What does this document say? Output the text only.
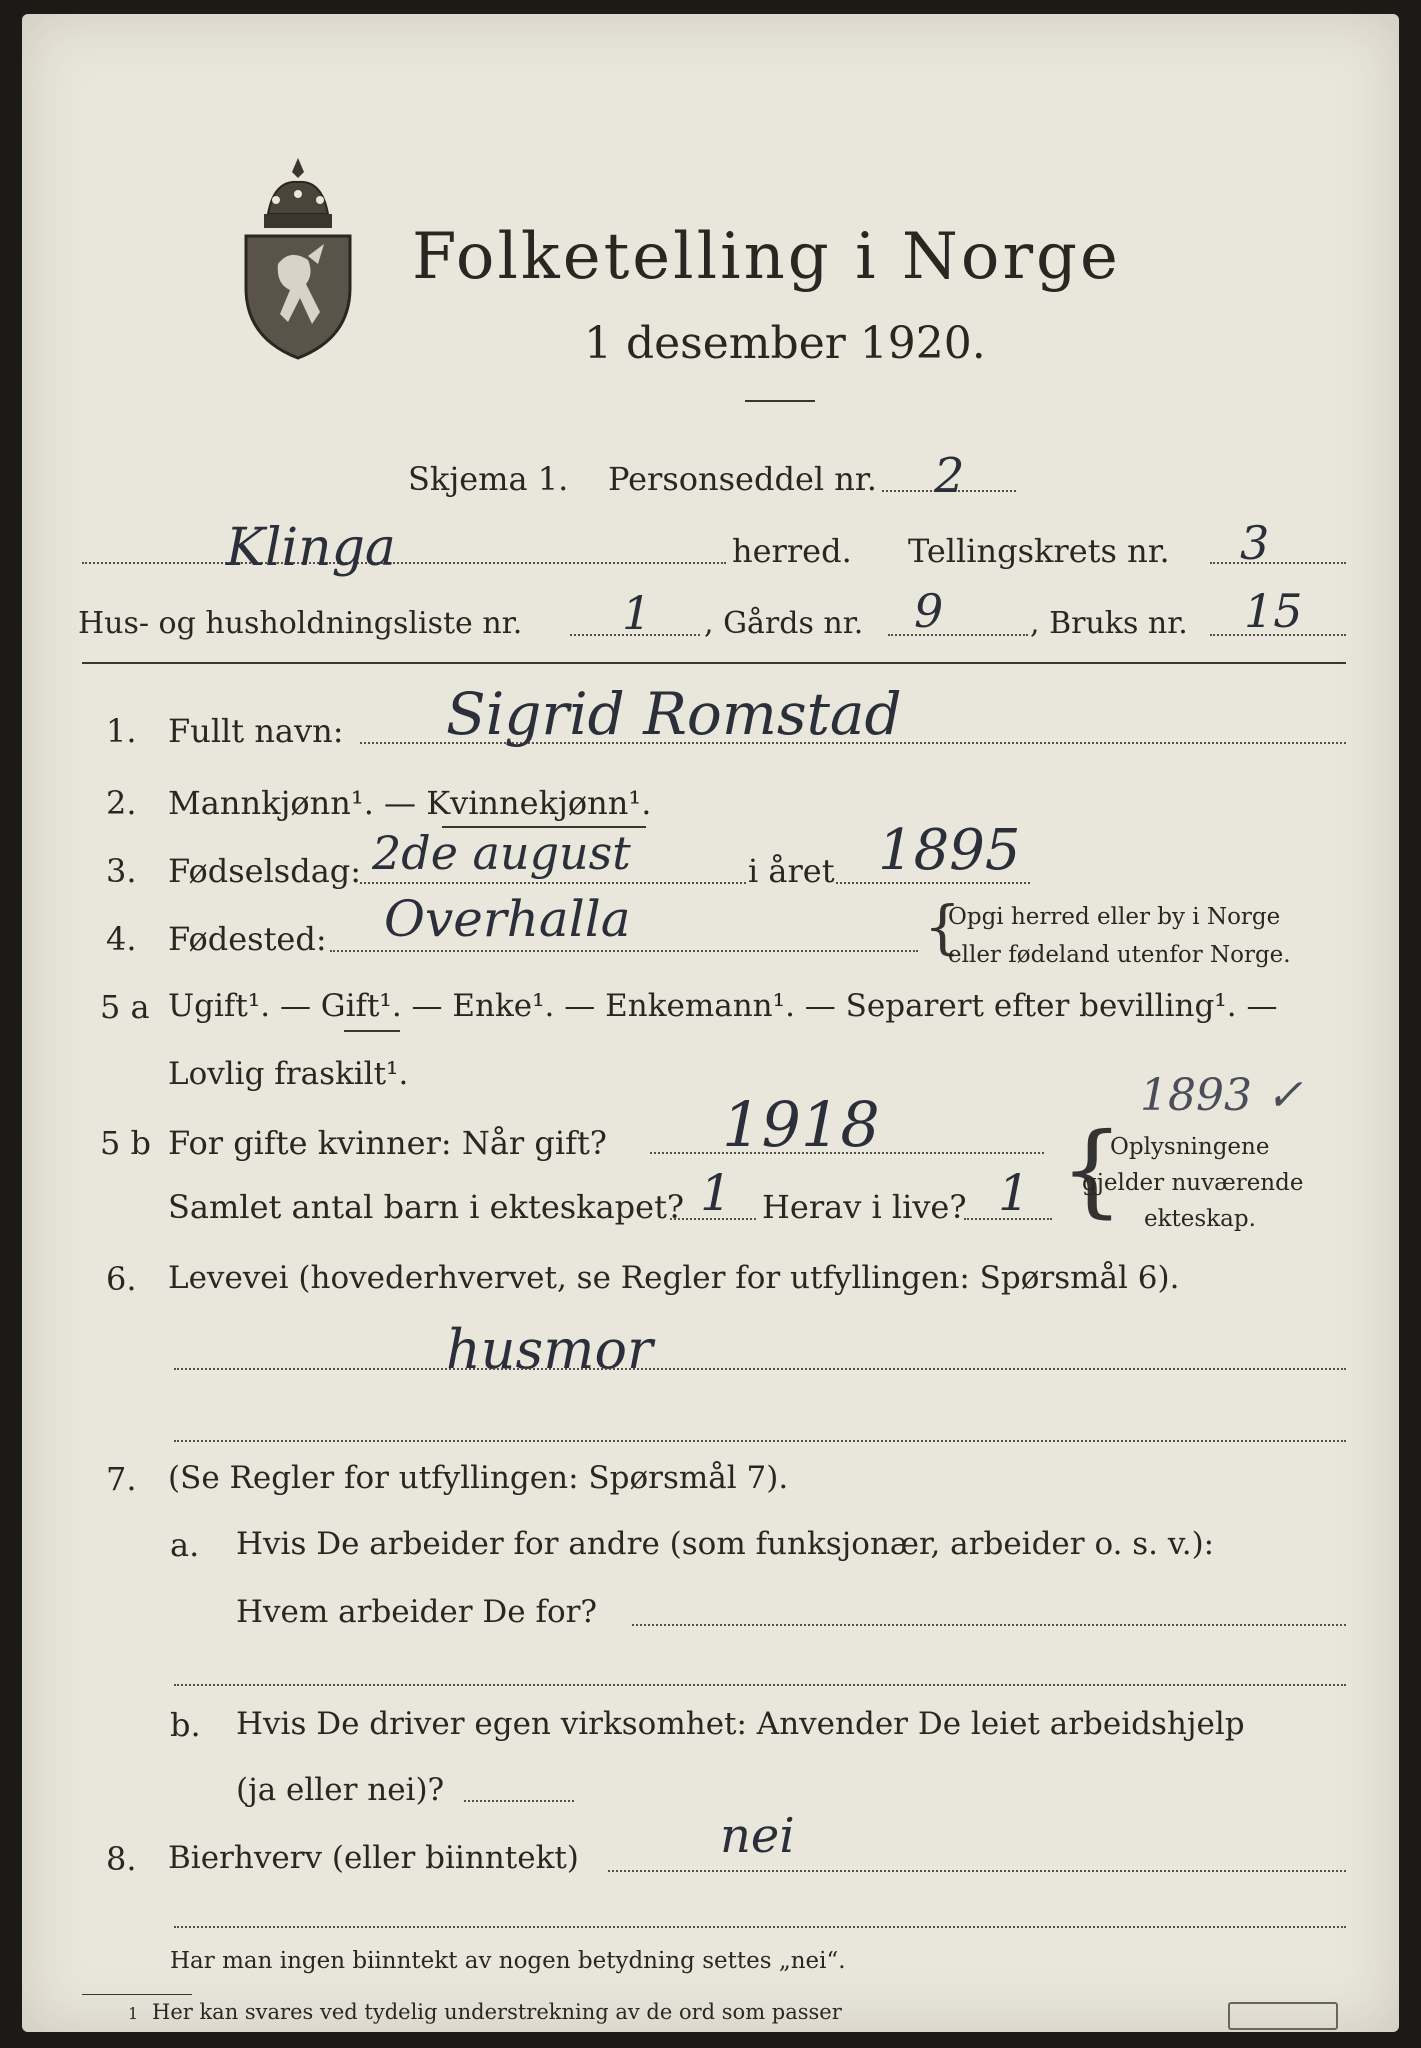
Folketelling i Norge
1 desember 1920.
Skjema 1. Personseddel nr. 2
Klinga	herred. Tellingskrets nr. 3
Hus- og husholdningsliste nr. 1 , Gårds nr. 9	, Bruks nr. 15
1. Fullt navn: Sigrid Romstad
2. Mannkjønn¹. — Kvinnekjønn¹.
3. Fødselsdag: 2de august	i året 1895
4. Fødested: Overhalla	{
Opgi herred eller by i Norge
eller fødeland utenfor Norge.
5 a Ugift¹. — Gift¹. — Enke¹. — Enkemann¹. — Separert efter bevilling¹. —
Lovlig fraskilt¹.	1893 ✓
5 b For gifte kvinner: Når gift? 1918
Samlet antal barn i ekteskapet? 1 Herav i live? 1 {
Oplysningene
gjelder nuværende
ekteskap.
6. Levevei (hovederhvervet, se Regler for utfyllingen: Spørsmål 6).
husmor
7. (Se Regler for utfyllingen: Spørsmål 7).
a. Hvis De arbeider for andre (som funksjonær, arbeider o. s. v.):
Hvem arbeider De for?
b. Hvis De driver egen virksomhet: Anvender De leiet arbeidshjelp
(ja eller nei)?
8. Bierhverv (eller biinntekt)	nei
Har man ingen biinntekt av nogen betydning settes „nei“.
1 Her kan svares ved tydelig understrekning av de ord som passer
